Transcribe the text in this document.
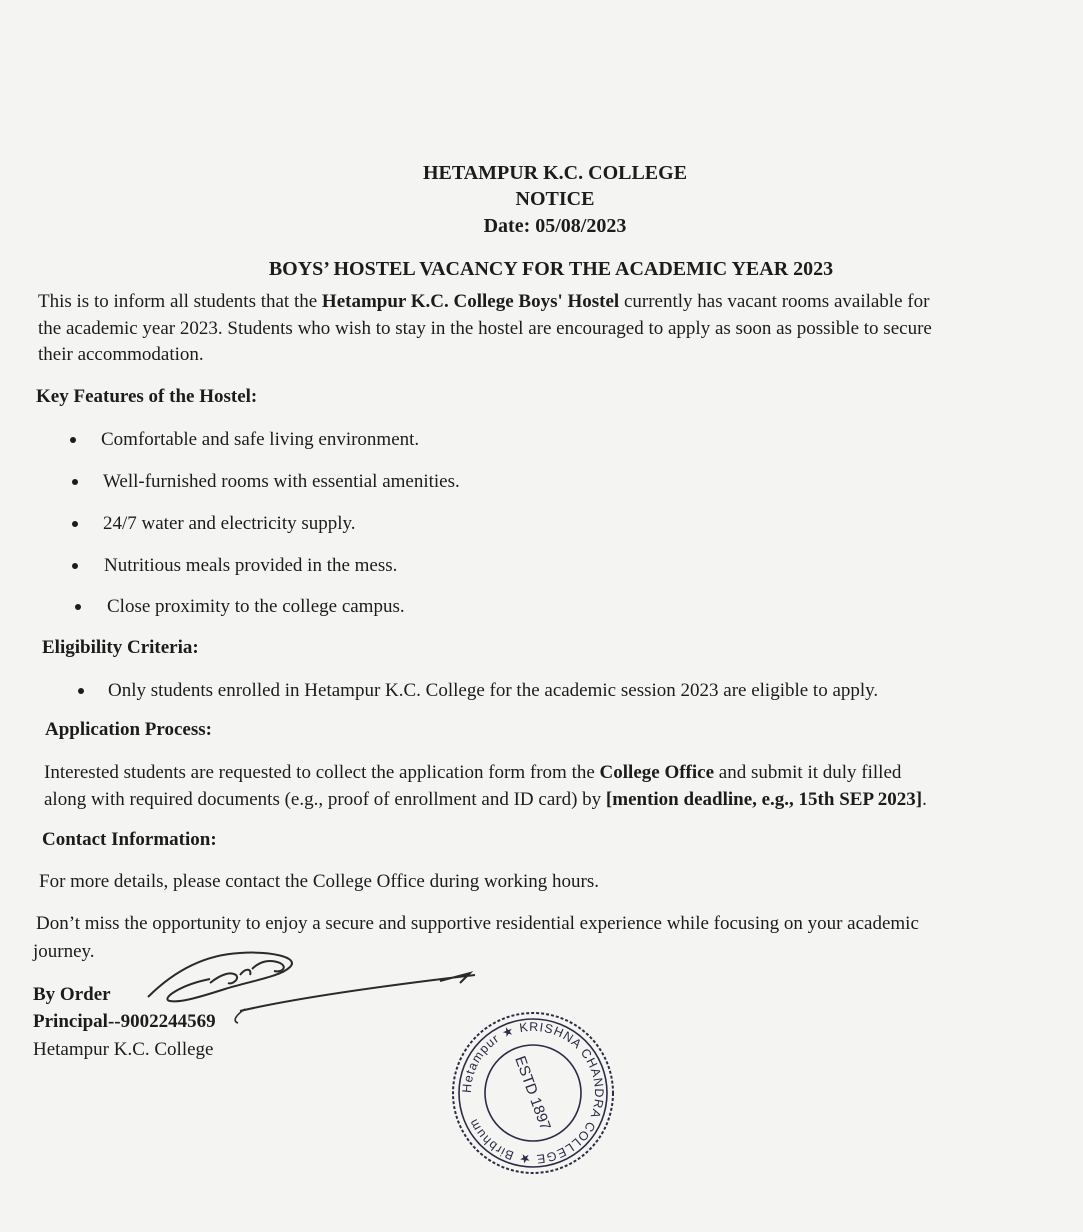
HETAMPUR K.C. COLLEGE
NOTICE
Date: 05/08/2023
BOYS’ HOSTEL VACANCY FOR THE ACADEMIC YEAR 2023
This is to inform all students that the Hetampur K.C. College Boys' Hostel currently has vacant rooms available for
the academic year 2023. Students who wish to stay in the hostel are encouraged to apply as soon as possible to secure
their accommodation.
Key Features of the Hostel:
Comfortable and safe living environment.
Well-furnished rooms with essential amenities.
24/7 water and electricity supply.
Nutritious meals provided in the mess.
Close proximity to the college campus.
Eligibility Criteria:
Only students enrolled in Hetampur K.C. College for the academic session 2023 are eligible to apply.
Application Process:
Interested students are requested to collect the application form from the College Office and submit it duly filled
along with required documents (e.g., proof of enrollment and ID card) by [mention deadline, e.g., 15th SEP 2023].
Contact Information:
For more details, please contact the College Office during working hours.
Don’t miss the opportunity to enjoy a secure and supportive residential experience while focusing on your academic
journey.
By Order
Principal--9002244569
Hetampur K.C. College
Hetampur ★ KRISHNA CHANDRA COLLEGE ★ Birbhum	ESTD 1897
